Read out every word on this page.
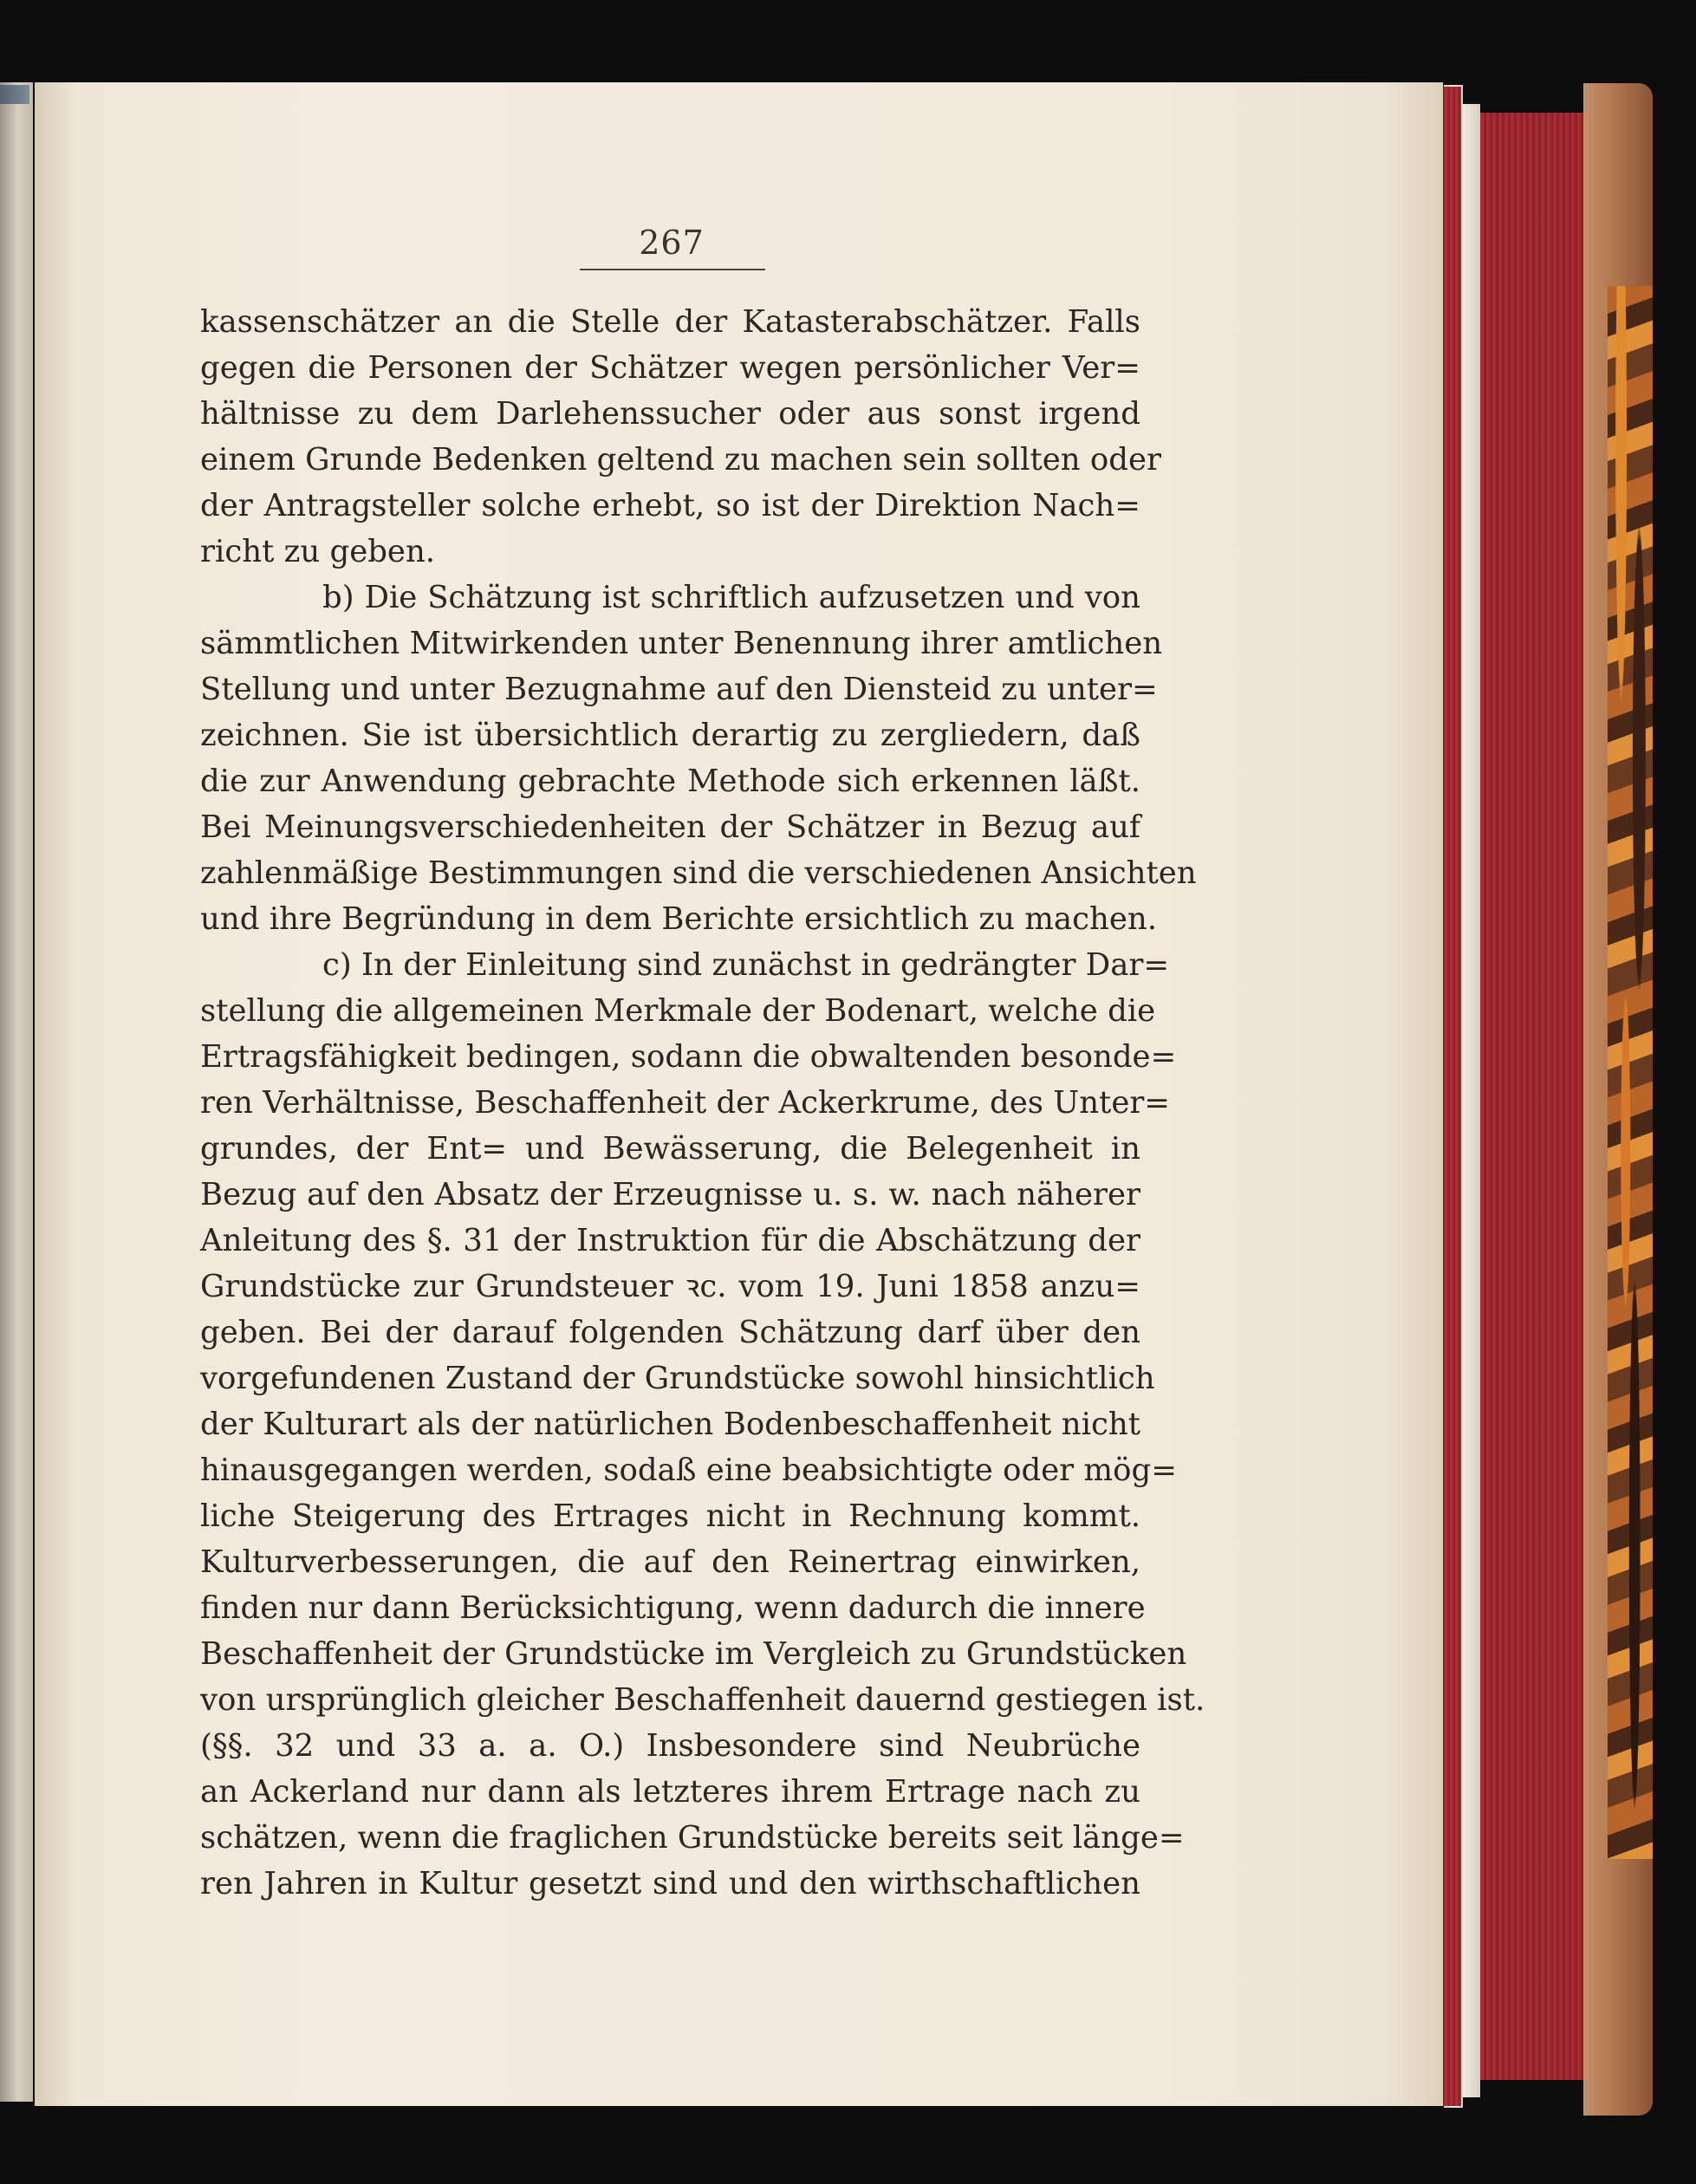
267
kassenschätzer an die Stelle der Katasterabschätzer. Falls
gegen die Personen der Schätzer wegen persönlicher Ver=
hältnisse zu dem Darlehenssucher oder aus sonst irgend
einem Grunde Bedenken geltend zu machen sein sollten oder
der Antragsteller solche erhebt, so ist der Direktion Nach=
richt zu geben.
b) Die Schätzung ist schriftlich aufzusetzen und von
sämmtlichen Mitwirkenden unter Benennung ihrer amtlichen
Stellung und unter Bezugnahme auf den Diensteid zu unter=
zeichnen. Sie ist übersichtlich derartig zu zergliedern, daß
die zur Anwendung gebrachte Methode sich erkennen läßt.
Bei Meinungsverschiedenheiten der Schätzer in Bezug auf
zahlenmäßige Bestimmungen sind die verschiedenen Ansichten
und ihre Begründung in dem Berichte ersichtlich zu machen.
c) In der Einleitung sind zunächst in gedrängter Dar=
stellung die allgemeinen Merkmale der Bodenart, welche die
Ertragsfähigkeit bedingen, sodann die obwaltenden besonde=
ren Verhältnisse, Beschaffenheit der Ackerkrume, des Unter=
grundes, der Ent= und Bewässerung, die Belegenheit in
Bezug auf den Absatz der Erzeugnisse u. s. w. nach näherer
Anleitung des §. 31 der Instruktion für die Abschätzung der
Grundstücke zur Grundsteuer ꝛc. vom 19. Juni 1858 anzu=
geben. Bei der darauf folgenden Schätzung darf über den
vorgefundenen Zustand der Grundstücke sowohl hinsichtlich
der Kulturart als der natürlichen Bodenbeschaffenheit nicht
hinausgegangen werden, sodaß eine beabsichtigte oder mög=
liche Steigerung des Ertrages nicht in Rechnung kommt.
Kulturverbesserungen, die auf den Reinertrag einwirken,
finden nur dann Berücksichtigung, wenn dadurch die innere
Beschaffenheit der Grundstücke im Vergleich zu Grundstücken
von ursprünglich gleicher Beschaffenheit dauernd gestiegen ist.
(§§. 32 und 33 a. a. O.) Insbesondere sind Neubrüche
an Ackerland nur dann als letzteres ihrem Ertrage nach zu
schätzen, wenn die fraglichen Grundstücke bereits seit länge=
ren Jahren in Kultur gesetzt sind und den wirthschaftlichen
